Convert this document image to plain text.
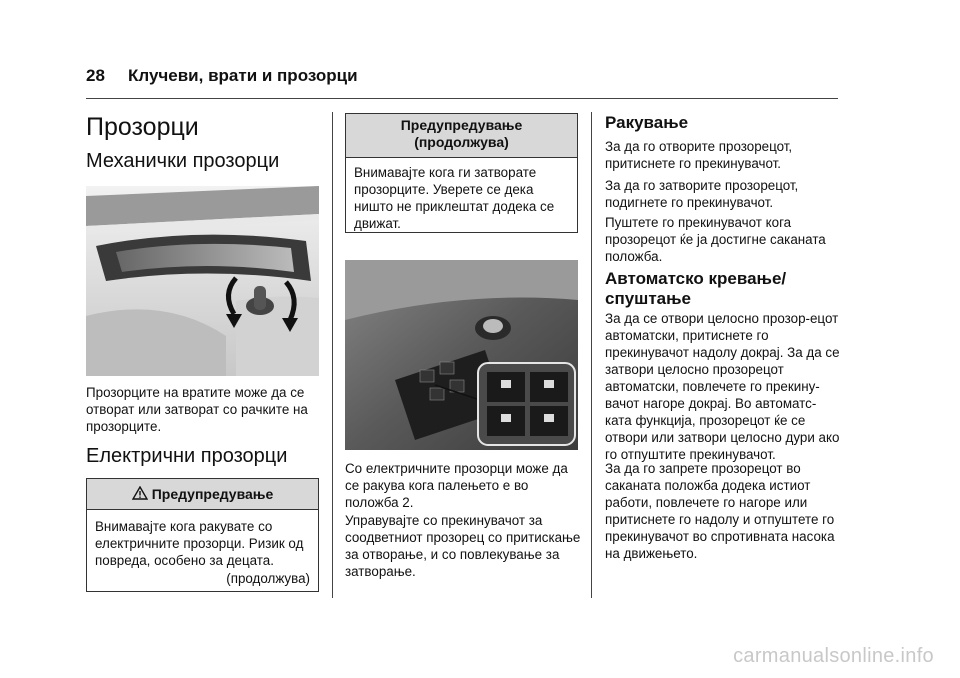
28 Клучеви, врати и прозорци
Прозорци
Механички прозорци

Прозорците на вратите може да се отворат или затворат со рачките на прозорците.

Електрични прозорци
Предупредување

Внимавајте кога ракувате со електричните прозорци. Ризик од повреда, особено за децата.

(продолжува)

Предупредување
(продолжува)

Внимавајте кога ги затворате прозорците. Уверете се дека ништо не приклештат додека се движат.

Со електричните прозорци може да се ракува кога палењето е во положба 2.

Управувајте со прекинувачот за соодветниот прозорец со притискање за отворање, и со повлекување за затворање.

Ракување

За да го отворите прозорецот, притиснете го прекинувачот.

За да го затворите прозорецот, подигнете го прекинувачот.

Пуштете го прекинувачот кога прозорецот ќе ја достигне саканата положба.

Автоматско кревање/
спуштање

За да се отвори целосно прозор-ецот автоматски, притиснете го прекинувачот надолу докрај. За да се затвори целосно прозорецот автоматски, повлечете го прекину-вачот нагоре докрај. Во автоматс-ката функција, прозорецот ќе се отвори или затвори целосно дури ако го отпуштите прекинувачот.

За да го запрете прозорецот во саканата положба додека истиот работи, повлечете го нагоре или притиснете го надолу и отпуштете го прекинувачот во спротивната насока на движењето.

carmanualsonline.info
